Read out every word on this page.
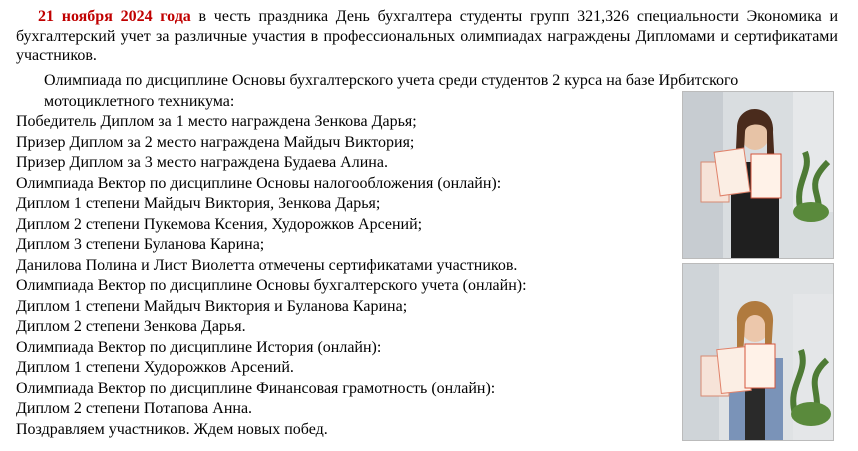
21 ноября 2024 года в честь праздника День бухгалтера студенты групп 321,326 специальности Экономика и бухгалтерский учет за различные участия в профессиональных олимпиадах награждены Дипломами и сертификатами участников.

Олимпиада по дисциплине Основы бухгалтерского учета среди студентов 2 курса на базе Ирбитского мотоциклетного техникума:
Победитель Диплом за 1 место награждена Зенкова Дарья;
Призер Диплом за 2 место награждена Майдыч Виктория;
Призер Диплом за 3 место награждена Будаева Алина.
Олимпиада Вектор по дисциплине Основы налогообложения (онлайн):
Диплом 1 степени Майдыч Виктория, Зенкова Дарья;
Диплом 2 степени Пукемова Ксения, Худорожков Арсений;
Диплом 3 степени Буланова Карина;
Данилова Полина и Лист Виолетта отмечены сертификатами участников.
Олимпиада Вектор по дисциплине Основы бухгалтерского учета (онлайн):
Диплом 1 степени Майдыч Виктория и Буланова Карина;
Диплом 2 степени Зенкова Дарья.
Олимпиада Вектор по дисциплине История (онлайн):
Диплом 1 степени Худорожков Арсений.
Олимпиада Вектор по дисциплине Финансовая грамотность (онлайн):
Диплом 2 степени Потапова Анна.
Поздравляем участников. Ждем новых побед.
